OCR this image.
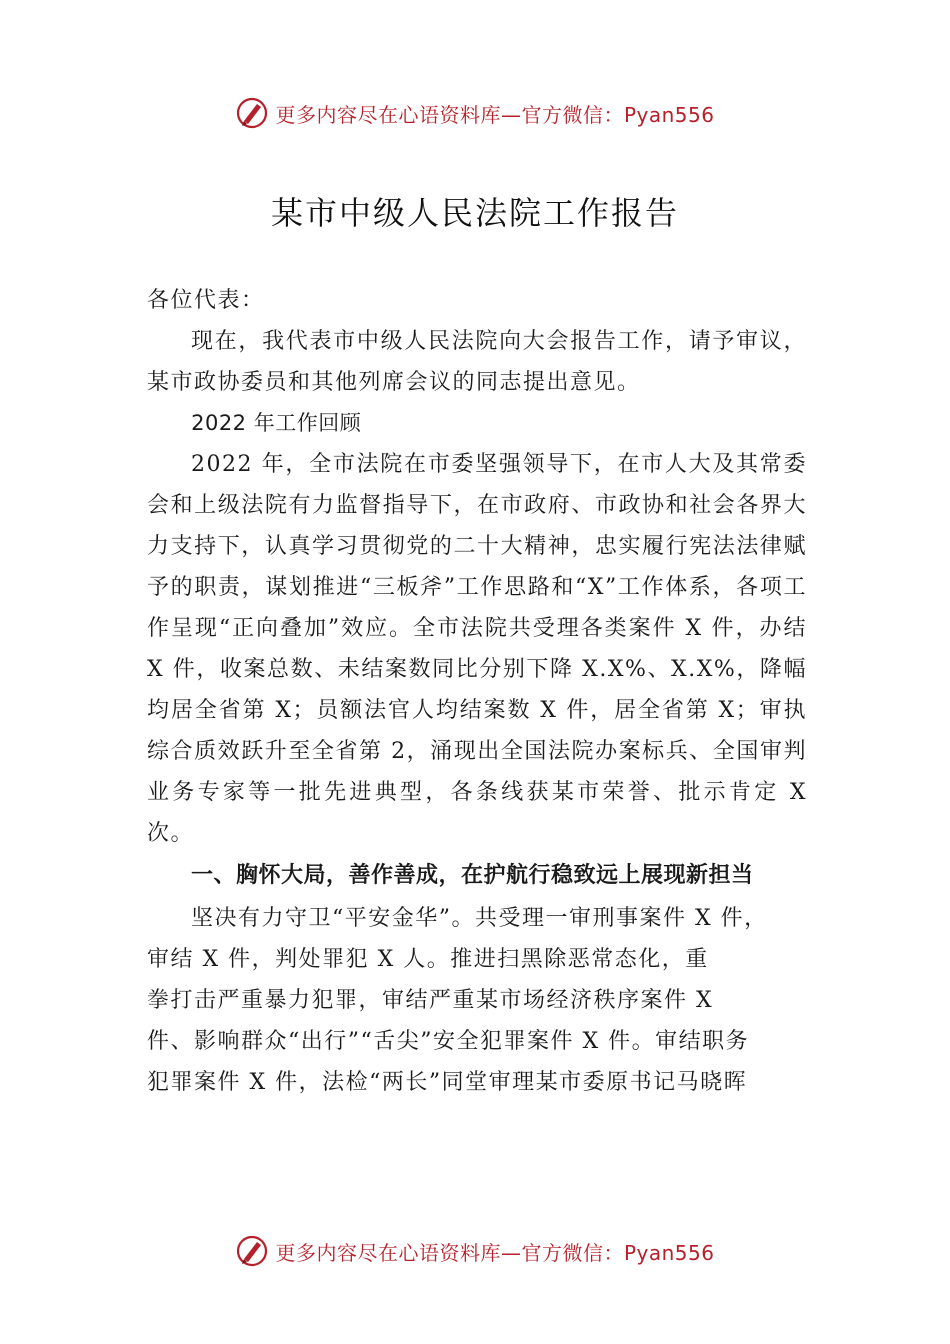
更多内容尽在心语资料库—官方微信：Pyan556
某市中级人民法院工作报告

各位代表：

现在，我代表市中级人民法院向大会报告工作，请予审议，某市政协委员和其他列席会议的同志提出意见。

2022 年工作回顾

2022 年，全市法院在市委坚强领导下，在市人大及其常委会和上级法院有力监督指导下，在市政府、市政协和社会各界大力支持下，认真学习贯彻党的二十大精神，忠实履行宪法法律赋予的职责，谋划推进“三板斧”工作思路和“X”工作体系，各项工作呈现“正向叠加”效应。全市法院共受理各类案件 X 件，办结 X 件，收案总数、未结案数同比分别下降 X.X%、X.X%，降幅均居全省第 X；员额法官人均结案数 X 件，居全省第 X；审执综合质效跃升至全省第 2，涌现出全国法院办案标兵、全国审判业务专家等一批先进典型，各条线获某市荣誉、批示肯定 X 次。

一、胸怀大局，善作善成，在护航行稳致远上展现新担当

坚决有力守卫“平安金华”。共受理一审刑事案件 X 件，
审结 X 件，判处罪犯 X 人。推进扫黑除恶常态化，重
拳打击严重暴力犯罪，审结严重某市场经济秩序案件 X
件、影响群众“出行”“舌尖”安全犯罪案件 X 件。审结职务
犯罪案件 X 件，法检“两长”同堂审理某市委原书记马晓晖
更多内容尽在心语资料库—官方微信：Pyan556
